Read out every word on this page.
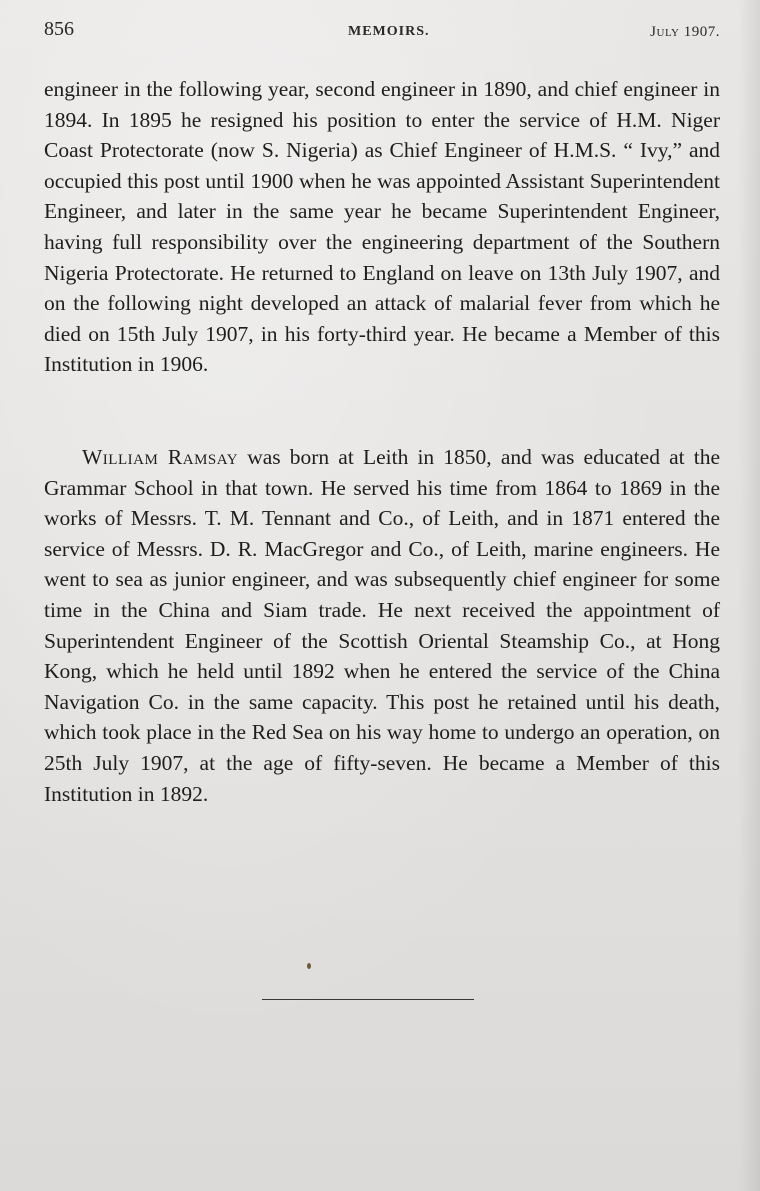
856	MEMOIRS.	July 1907.

engineer in the following year, second engineer in 1890, and chief engineer in 1894. In 1895 he resigned his position to enter the service of H.M. Niger Coast Protectorate (now S. Nigeria) as Chief Engineer of H.M.S. “ Ivy,” and occupied this post until 1900 when he was appointed Assistant Superintendent Engineer, and later in the same year he became Superintendent Engineer, having full responsibility over the engineering department of the Southern Nigeria Protectorate. He returned to England on leave on 13th July 1907, and on the following night developed an attack of malarial fever from which he died on 15th July 1907, in his forty-third year. He became a Member of this Institution in 1906.

William Ramsay was born at Leith in 1850, and was educated at the Grammar School in that town. He served his time from 1864 to 1869 in the works of Messrs. T. M. Tennant and Co., of Leith, and in 1871 entered the service of Messrs. D. R. MacGregor and Co., of Leith, marine engineers. He went to sea as junior engineer, and was subsequently chief engineer for some time in the China and Siam trade. He next received the appointment of Superintendent Engineer of the Scottish Oriental Steamship Co., at Hong Kong, which he held until 1892 when he entered the service of the China Navigation Co. in the same capacity. This post he retained until his death, which took place in the Red Sea on his way home to undergo an operation, on 25th July 1907, at the age of fifty-seven. He became a Member of this Institution in 1892.
